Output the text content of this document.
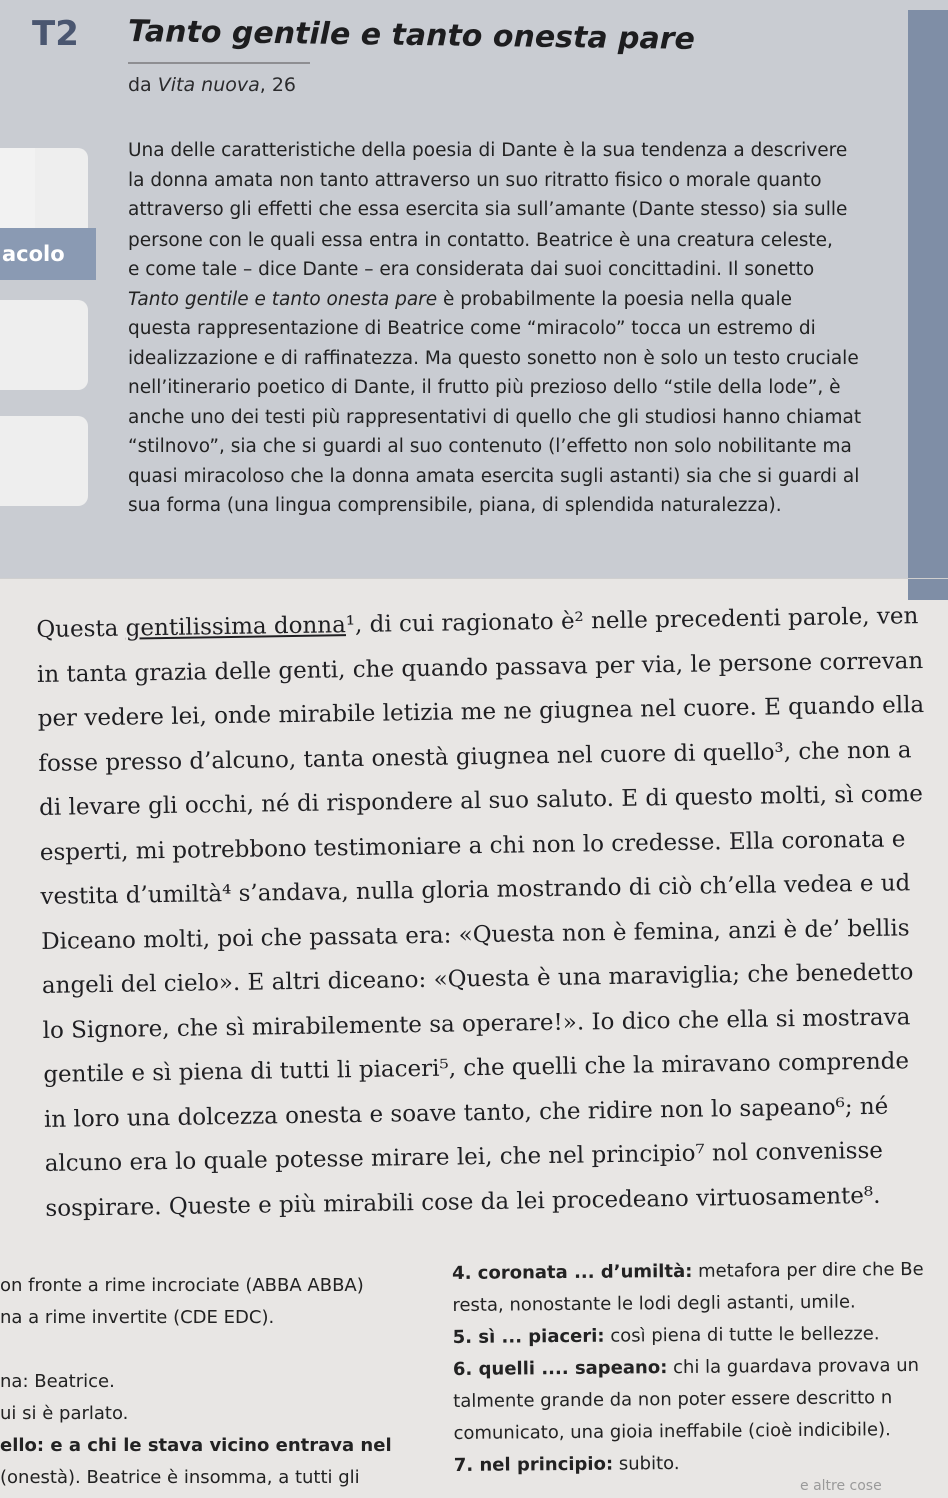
acolo
T2 Tanto gentile e tanto onesta pare
da Vita nuova, 26

Una delle caratteristiche della poesia di Dante è la sua tendenza a descrivere

la donna amata non tanto attraverso un suo ritratto fisico o morale quanto

attraverso gli effetti che essa esercita sia sull’amante (Dante stesso) sia sulle

persone con le quali essa entra in contatto. Beatrice è una creatura celeste,

e come tale – dice Dante – era considerata dai suoi concittadini. Il sonetto

Tanto gentile e tanto onesta pare è probabilmente la poesia nella quale

questa rappresentazione di Beatrice come “miracolo” tocca un estremo di

idealizzazione e di raffinatezza. Ma questo sonetto non è solo un testo cruciale

nell’itinerario poetico di Dante, il frutto più prezioso dello “stile della lode”, è

anche uno dei testi più rappresentativi di quello che gli studiosi hanno chiamat

“stilnovo”, sia che si guardi al suo contenuto (l’effetto non solo nobilitante ma

quasi miracoloso che la donna amata esercita sugli astanti) sia che si guardi al

sua forma (una lingua comprensibile, piana, di splendida naturalezza).

Questa gentilissima donna¹, di cui ragionato è² nelle precedenti parole, ven

in tanta grazia delle genti, che quando passava per via, le persone correvan

per vedere lei, onde mirabile letizia me ne giugnea nel cuore. E quando ella

fosse presso d’alcuno, tanta onestà giugnea nel cuore di quello³, che non a

di levare gli occhi, né di rispondere al suo saluto. E di questo molti, sì come

esperti, mi potrebbono testimoniare a chi non lo credesse. Ella coronata e

vestita d’umiltà⁴ s’andava, nulla gloria mostrando di ciò ch’ella vedea e ud

Diceano molti, poi che passata era: «Questa non è femina, anzi è de’ bellis

angeli del cielo». E altri diceano: «Questa è una maraviglia; che benedetto

lo Signore, che sì mirabilemente sa operare!». Io dico che ella si mostrava

gentile e sì piena di tutti li piaceri⁵, che quelli che la miravano comprende

in loro una dolcezza onesta e soave tanto, che ridire non lo sapeano⁶; né

alcuno era lo quale potesse mirare lei, che nel principio⁷ nol convenisse

sospirare. Queste e più mirabili cose da lei procedeano virtuosamente⁸.

on fronte a rime incrociate (ABBA ABBA)

na a rime invertite (CDE EDC).

na: Beatrice.

ui si è parlato.

ello: e a chi le stava vicino entrava nel

(onestà). Beatrice è insomma, a tutti gli

4. coronata ... d’umiltà: metafora per dire che Be

resta, nonostante le lodi degli astanti, umile.

5. sì ... piaceri: così piena di tutte le bellezze.

6. quelli .... sapeano: chi la guardava provava un

talmente grande da non poter essere descritto n

comunicato, una gioia ineffabile (cioè indicibile).

7. nel principio: subito.

e altre cose
